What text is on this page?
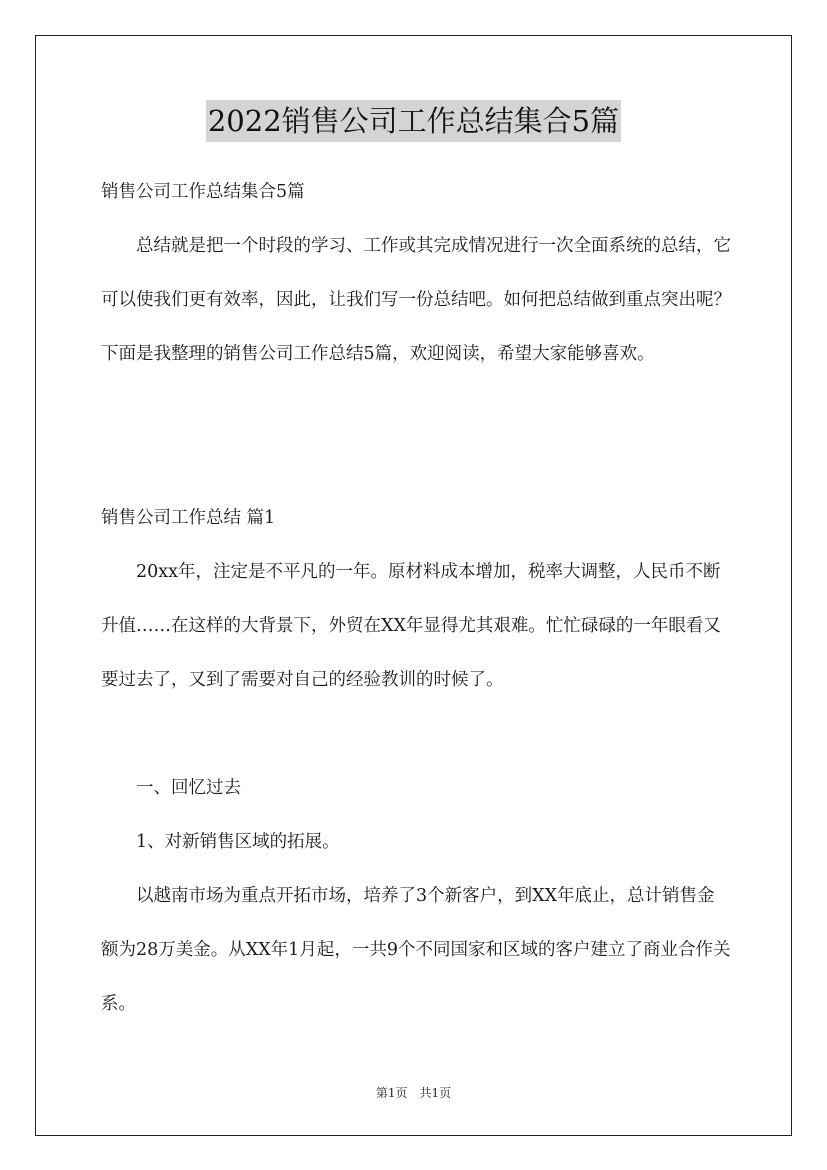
2022销售公司工作总结集合5篇

销售公司工作总结集合5篇

总结就是把一个时段的学习、工作或其完成情况进行一次全面系统的总结，它可以使我们更有效率，因此，让我们写一份总结吧。如何把总结做到重点突出呢？下面是我整理的销售公司工作总结5篇，欢迎阅读，希望大家能够喜欢。

销售公司工作总结 篇1

20xx年，注定是不平凡的一年。原材料成本增加，税率大调整，人民币不断升值……在这样的大背景下，外贸在XX年显得尤其艰难。忙忙碌碌的一年眼看又要过去了，又到了需要对自己的经验教训的时候了。

一、回忆过去

1、对新销售区域的拓展。

以越南市场为重点开拓市场，培养了3个新客户，到XX年底止，总计销售金额为28万美金。从XX年1月起，一共9个不同国家和区域的客户建立了商业合作关系。

第1页　共1页
